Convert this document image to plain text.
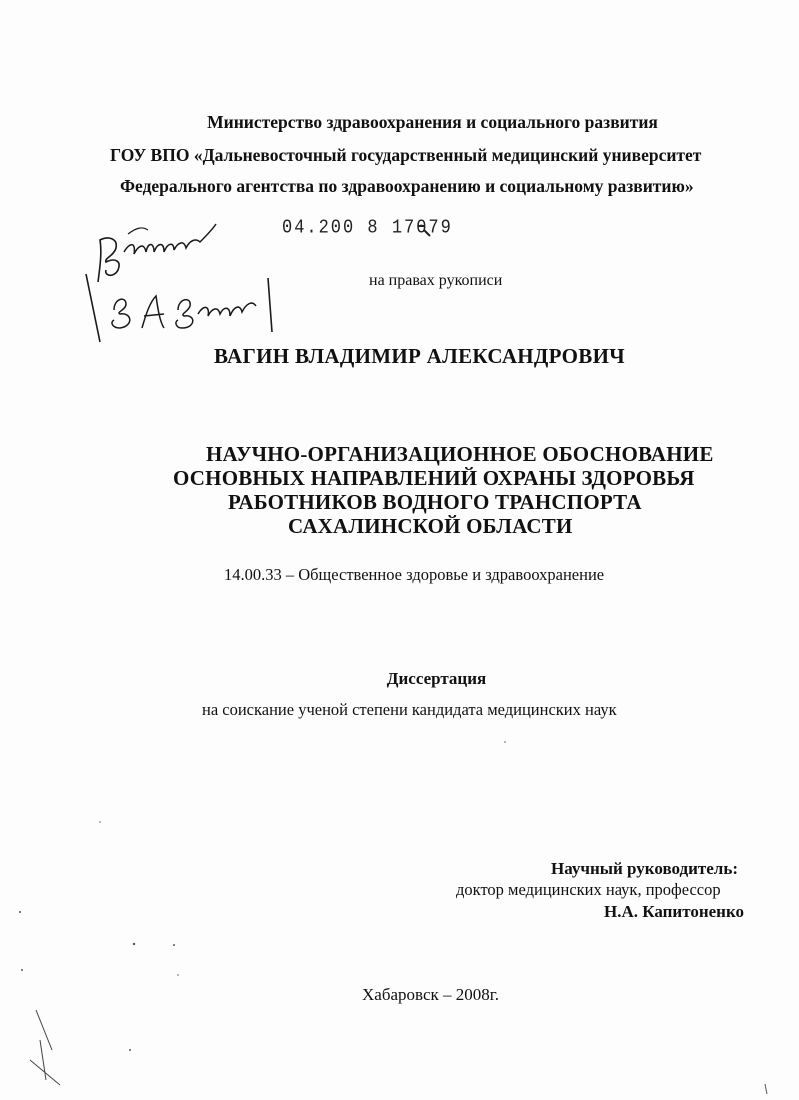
Министерство здравоохранения и социального развития
ГОУ ВПО «Дальневосточный государственный медицинский университет
Федерального агентства по здравоохранению и социальному развитию»
04.200 8 17079
на правах рукописи
ВАГИН ВЛАДИМИР АЛЕКСАНДРОВИЧ
НАУЧНО-ОРГАНИЗАЦИОННОЕ ОБОСНОВАНИЕ
ОСНОВНЫХ НАПРАВЛЕНИЙ ОХРАНЫ ЗДОРОВЬЯ
РАБОТНИКОВ ВОДНОГО ТРАНСПОРТА
САХАЛИНСКОЙ ОБЛАСТИ
14.00.33 – Общественное здоровье и здравоохранение
Диссертация
на соискание ученой степени кандидата медицинских наук
Научный руководитель:
доктор медицинских наук, профессор
Н.А. Капитоненко
Хабаровск – 2008г.
